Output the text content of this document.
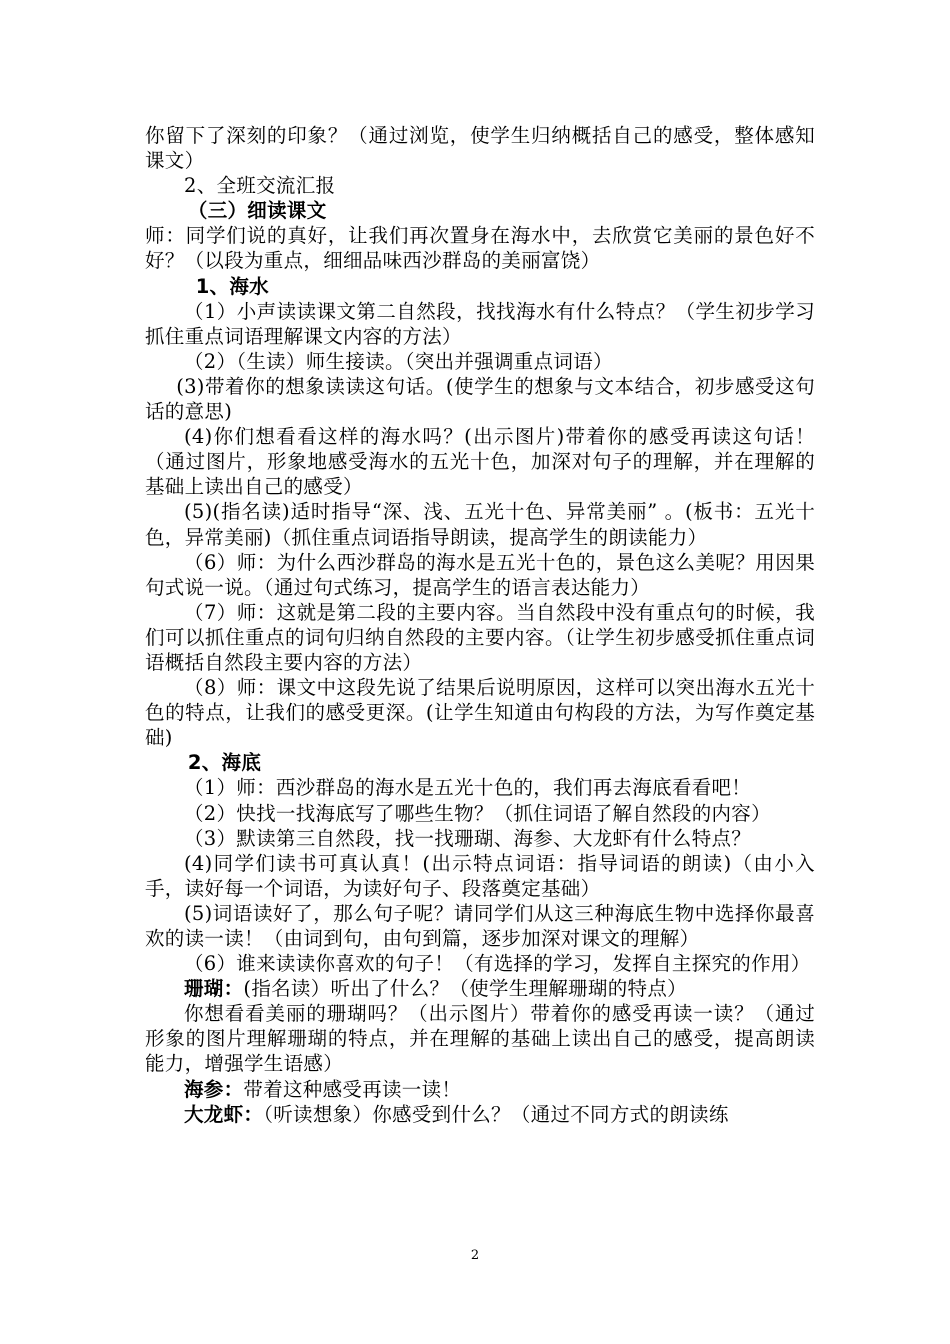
你留下了深刻的印象？（通过浏览，使学生归纳概括自己的感受，整体感知课文）

2、全班交流汇报

（三）细读课文

师：同学们说的真好，让我们再次置身在海水中，去欣赏它美丽的景色好不好？（以段为重点，细细品味西沙群岛的美丽富饶）

1、海水

（1）小声读读课文第二自然段，找找海水有什么特点？（学生初步学习抓住重点词语理解课文内容的方法）

（2）（生读）师生接读。（突出并强调重点词语）

(3)带着你的想象读读这句话。(使学生的想象与文本结合，初步感受这句话的意思)

(4)你们想看看这样的海水吗？(出示图片)带着你的感受再读这句话！（通过图片，形象地感受海水的五光十色，加深对句子的理解，并在理解的基础上读出自己的感受）

(5)(指名读)适时指导“深、浅、五光十色、异常美丽” 。(板书：五光十色，异常美丽)（抓住重点词语指导朗读，提高学生的朗读能力）

（6）师：为什么西沙群岛的海水是五光十色的，景色这么美呢？用因果句式说一说。（通过句式练习，提高学生的语言表达能力）

（7）师：这就是第二段的主要内容。当自然段中没有重点句的时候，我们可以抓住重点的词句归纳自然段的主要内容。（让学生初步感受抓住重点词语概括自然段主要内容的方法）

（8）师：课文中这段先说了结果后说明原因，这样可以突出海水五光十色的特点，让我们的感受更深。(让学生知道由句构段的方法，为写作奠定基础)

2、海底

（1）师：西沙群岛的海水是五光十色的，我们再去海底看看吧！

（2）快找一找海底写了哪些生物？（抓住词语了解自然段的内容）

（3）默读第三自然段，找一找珊瑚、海参、大龙虾有什么特点？

(4)同学们读书可真认真！(出示特点词语：指导词语的朗读)（由小入手，读好每一个词语，为读好句子、段落奠定基础）

(5)词语读好了，那么句子呢？请同学们从这三种海底生物中选择你最喜欢的读一读！（由词到句，由句到篇，逐步加深对课文的理解）

（6）谁来读读你喜欢的句子！（有选择的学习，发挥自主探究的作用）

珊瑚：(指名读）听出了什么？（使学生理解珊瑚的特点）

你想看看美丽的珊瑚吗？（出示图片）带着你的感受再读一读？（通过形象的图片理解珊瑚的特点，并在理解的基础上读出自己的感受，提高朗读能力，增强学生语感）

海参：带着这种感受再读一读！

大龙虾：（听读想象）你感受到什么？（通过不同方式的朗读练

2
